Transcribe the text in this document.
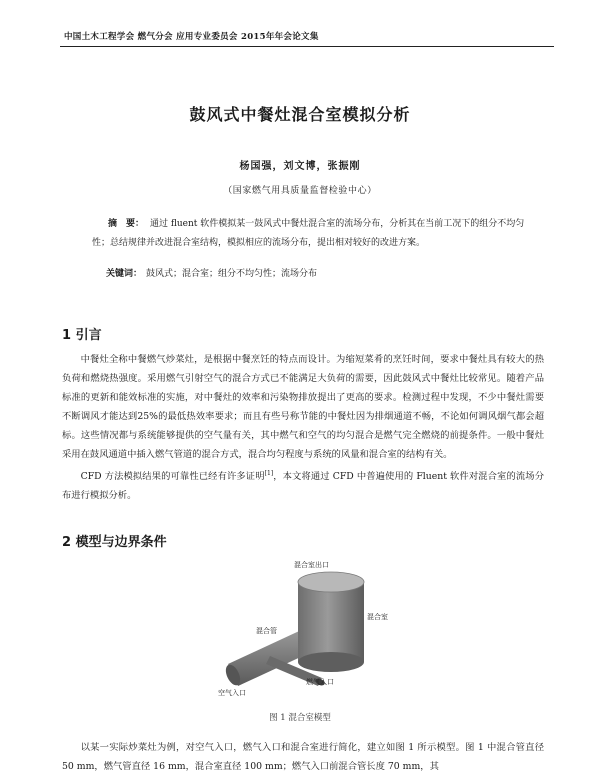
中国土木工程学会 燃气分会 应用专业委员会 2015年年会论文集
鼓风式中餐灶混合室模拟分析
杨国强，刘文博，张振刚
（国家燃气用具质量监督检验中心）
摘　要： 通过 fluent 软件模拟某一鼓风式中餐灶混合室的流场分布，分析其在当前工况下的组分不均匀性；总结规律并改进混合室结构，模拟相应的流场分布，提出相对较好的改进方案。
关键词： 鼓风式；混合室；组分不均匀性；流场分布
1 引言

中餐灶全称中餐燃气炒菜灶，是根据中餐烹饪的特点而设计。为缩短菜肴的烹饪时间，要求中餐灶具有较大的热负荷和燃烧热强度。采用燃气引射空气的混合方式已不能满足大负荷的需要，因此鼓风式中餐灶比较常见。随着产品标准的更新和能效标准的实施，对中餐灶的效率和污染物排放提出了更高的要求。检测过程中发现，不少中餐灶需要不断调风才能达到25%的最低热效率要求；而且有些号称节能的中餐灶因为排烟通道不畅，不论如何调风烟气都会超标。这些情况都与系统能够提供的空气量有关，其中燃气和空气的均匀混合是燃气完全燃烧的前提条件。一般中餐灶采用在鼓风通道中插入燃气管道的混合方式，混合均匀程度与系统的风量和混合室的结构有关。

CFD 方法模拟结果的可靠性已经有许多证明[1]，本文将通过 CFD 中普遍使用的 Fluent 软件对混合室的流场分布进行模拟分析。

2 模型与边界条件
混合室出口
混合室
混合管
燃气入口
空气入口
图 1 混合室模型

以某一实际炒菜灶为例，对空气入口，燃气入口和混合室进行简化，建立如图 1 所示模型。图 1 中混合管直径 50 mm，燃气管直径 16 mm，混合室直径 100 mm；燃气入口前混合管长度 70 mm，其
